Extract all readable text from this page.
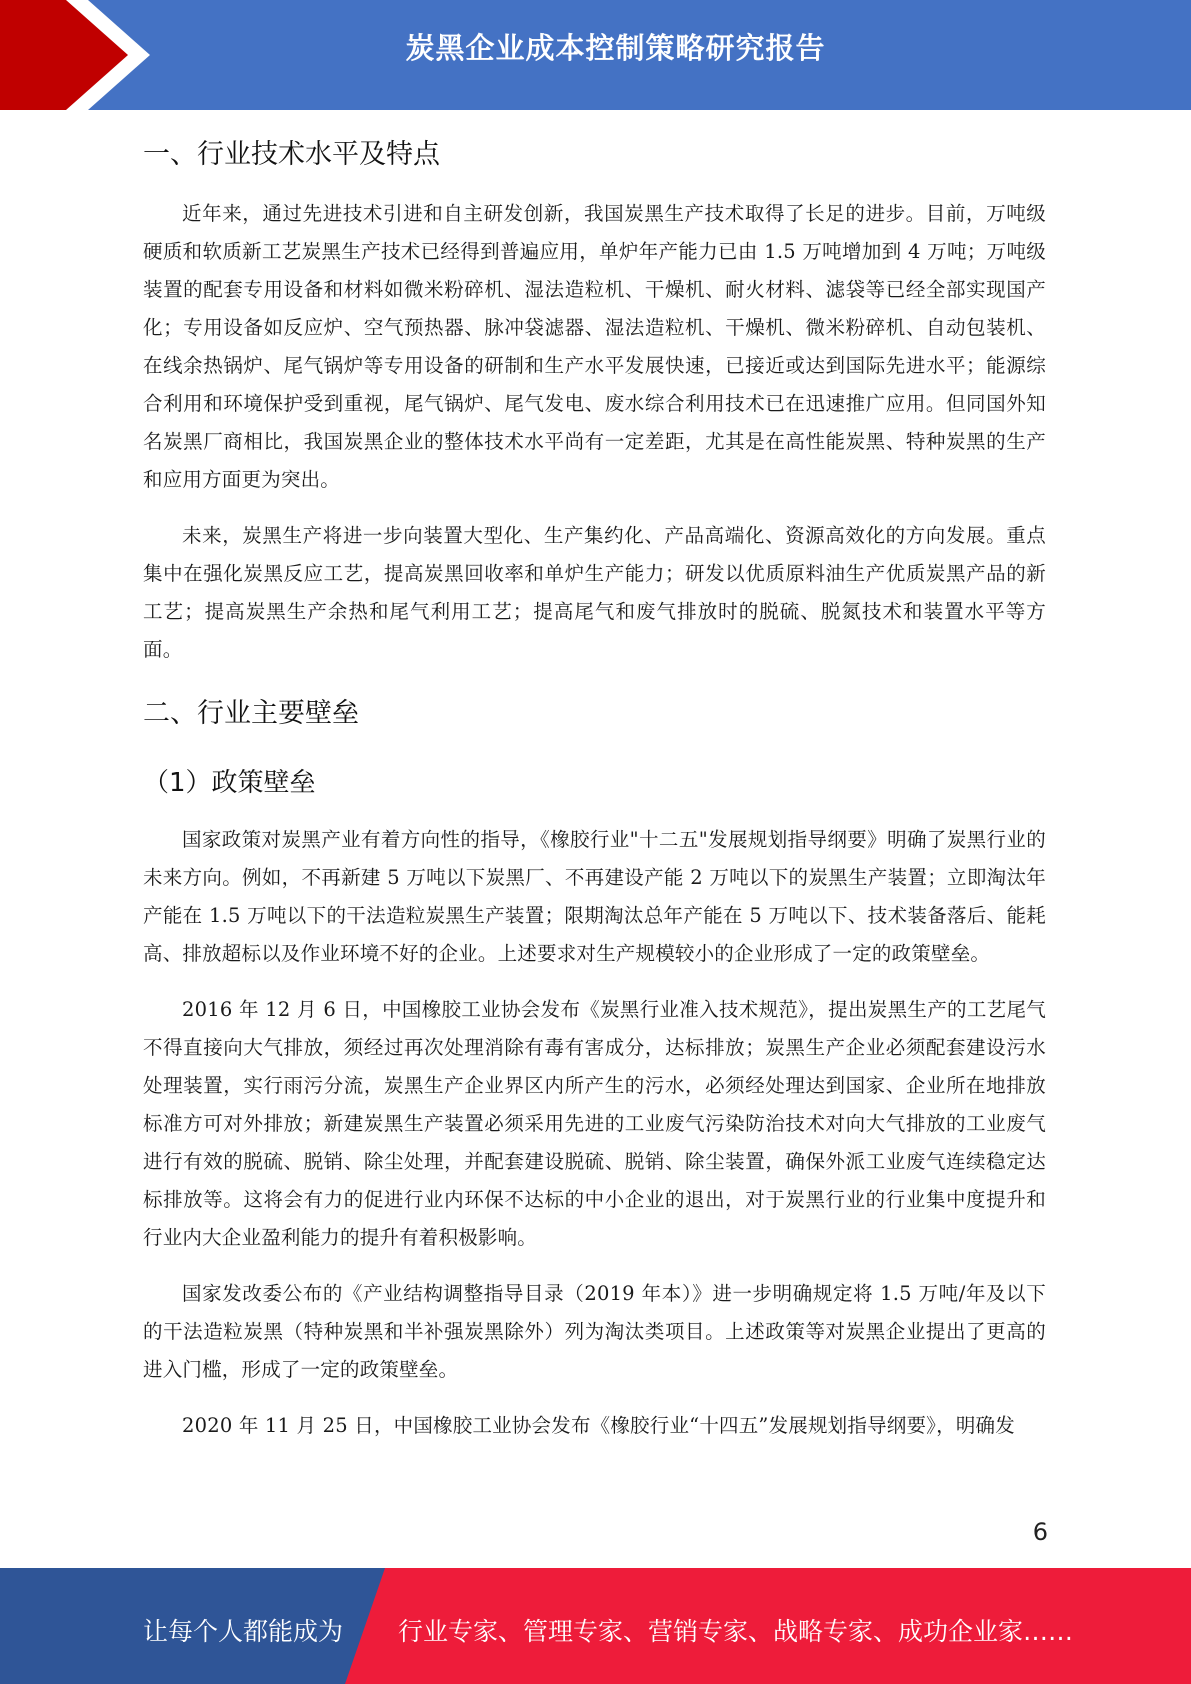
炭黑企业成本控制策略研究报告
一、行业技术水平及特点

近年来，通过先进技术引进和自主研发创新，我国炭黑生产技术取得了长足的进步。目前，万吨级硬质和软质新工艺炭黑生产技术已经得到普遍应用，单炉年产能力已由 1.5 万吨增加到 4 万吨；万吨级装置的配套专用设备和材料如微米粉碎机、湿法造粒机、干燥机、耐火材料、滤袋等已经全部实现国产化；专用设备如反应炉、空气预热器、脉冲袋滤器、湿法造粒机、干燥机、微米粉碎机、自动包装机、在线余热锅炉、尾气锅炉等专用设备的研制和生产水平发展快速，已接近或达到国际先进水平；能源综合利用和环境保护受到重视，尾气锅炉、尾气发电、废水综合利用技术已在迅速推广应用。但同国外知名炭黑厂商相比，我国炭黑企业的整体技术水平尚有一定差距，尤其是在高性能炭黑、特种炭黑的生产和应用方面更为突出。

未来，炭黑生产将进一步向装置大型化、生产集约化、产品高端化、资源高效化的方向发展。重点集中在强化炭黑反应工艺，提高炭黑回收率和单炉生产能力；研发以优质原料油生产优质炭黑产品的新工艺；提高炭黑生产余热和尾气利用工艺；提高尾气和废气排放时的脱硫、脱氮技术和装置水平等方面。

二、行业主要壁垒
（1）政策壁垒

国家政策对炭黑产业有着方向性的指导，《橡胶行业"十二五"发展规划指导纲要》明确了炭黑行业的未来方向。例如，不再新建 5 万吨以下炭黑厂、不再建设产能 2 万吨以下的炭黑生产装置；立即淘汰年产能在 1.5 万吨以下的干法造粒炭黑生产装置；限期淘汰总年产能在 5 万吨以下、技术装备落后、能耗高、排放超标以及作业环境不好的企业。上述要求对生产规模较小的企业形成了一定的政策壁垒。

2016 年 12 月 6 日，中国橡胶工业协会发布《炭黑行业准入技术规范》，提出炭黑生产的工艺尾气不得直接向大气排放，须经过再次处理消除有毒有害成分，达标排放；炭黑生产企业必须配套建设污水处理装置，实行雨污分流，炭黑生产企业界区内所产生的污水，必须经处理达到国家、企业所在地排放标准方可对外排放；新建炭黑生产装置必须采用先进的工业废气污染防治技术对向大气排放的工业废气进行有效的脱硫、脱销、除尘处理，并配套建设脱硫、脱销、除尘装置，确保外派工业废气连续稳定达标排放等。这将会有力的促进行业内环保不达标的中小企业的退出，对于炭黑行业的行业集中度提升和行业内大企业盈利能力的提升有着积极影响。

国家发改委公布的《产业结构调整指导目录（2019 年本）》进一步明确规定将 1.5 万吨/年及以下的干法造粒炭黑（特种炭黑和半补强炭黑除外）列为淘汰类项目。上述政策等对炭黑企业提出了更高的进入门槛，形成了一定的政策壁垒。

2020 年 11 月 25 日，中国橡胶工业协会发布《橡胶行业“十四五”发展规划指导纲要》，明确发

6
让每个人都能成为 行业专家、管理专家、营销专家、战略专家、成功企业家……
